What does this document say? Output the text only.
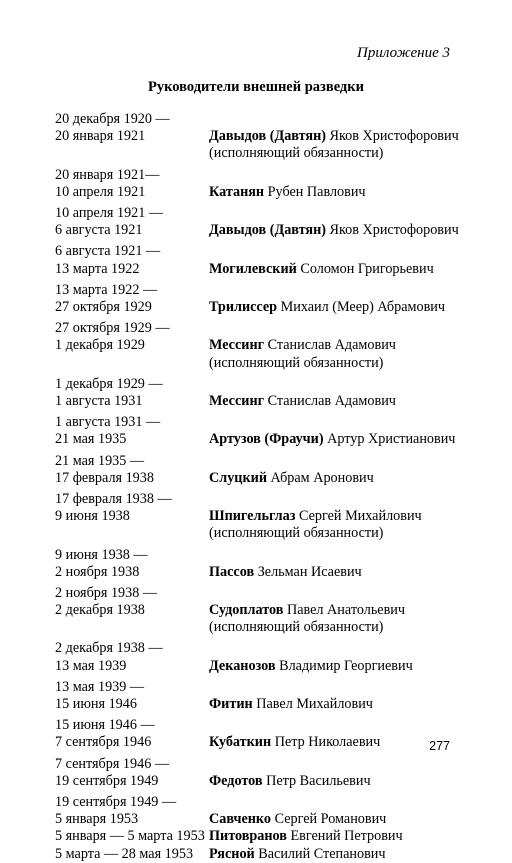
Приложение 3
Руководители внешней разведки
20 декабря 1920 —
20 января 1921	Давыдов (Давтян) Яков Христофорович
(исполняющий обязанности)
20 января 1921—
10 апреля 1921	Катанян Рубен Павлович
10 апреля 1921 —
6 августа 1921	Давыдов (Давтян) Яков Христофорович
6 августа 1921 —
13 марта 1922	Могилевский Соломон Григорьевич
13 марта 1922 —
27 октября 1929	Трилиссер Михаил (Меер) Абрамович
27 октября 1929 —
1 декабря 1929	Мессинг Станислав Адамович
(исполняющий обязанности)
1 декабря 1929 —
1 августа 1931	Мессинг Станислав Адамович
1 августа 1931 —
21 мая 1935	Артузов (Фраучи) Артур Христианович
21 мая 1935 —
17 февраля 1938	Слуцкий Абрам Аронович
17 февраля 1938 —
9 июня 1938	Шпигельглаз Сергей Михайлович
(исполняющий обязанности)
9 июня 1938 —
2 ноября 1938	Пассов Зельман Исаевич
2 ноября 1938 —
2 декабря 1938	Судоплатов Павел Анатольевич
(исполняющий обязанности)
2 декабря 1938 —
13 мая 1939	Деканозов Владимир Георгиевич
13 мая 1939 —
15 июня 1946	Фитин Павел Михайлович
15 июня 1946 —
7 сентября 1946	Кубаткин Петр Николаевич
7 сентября 1946 —
19 сентября 1949	Федотов Петр Васильевич
19 сентября 1949 —
5 января 1953	Савченко Сергей Романович
5 января — 5 марта 1953 Питовранов Евгений Петрович
5 марта — 28 мая 1953	Рясной Василий Степанович
277
